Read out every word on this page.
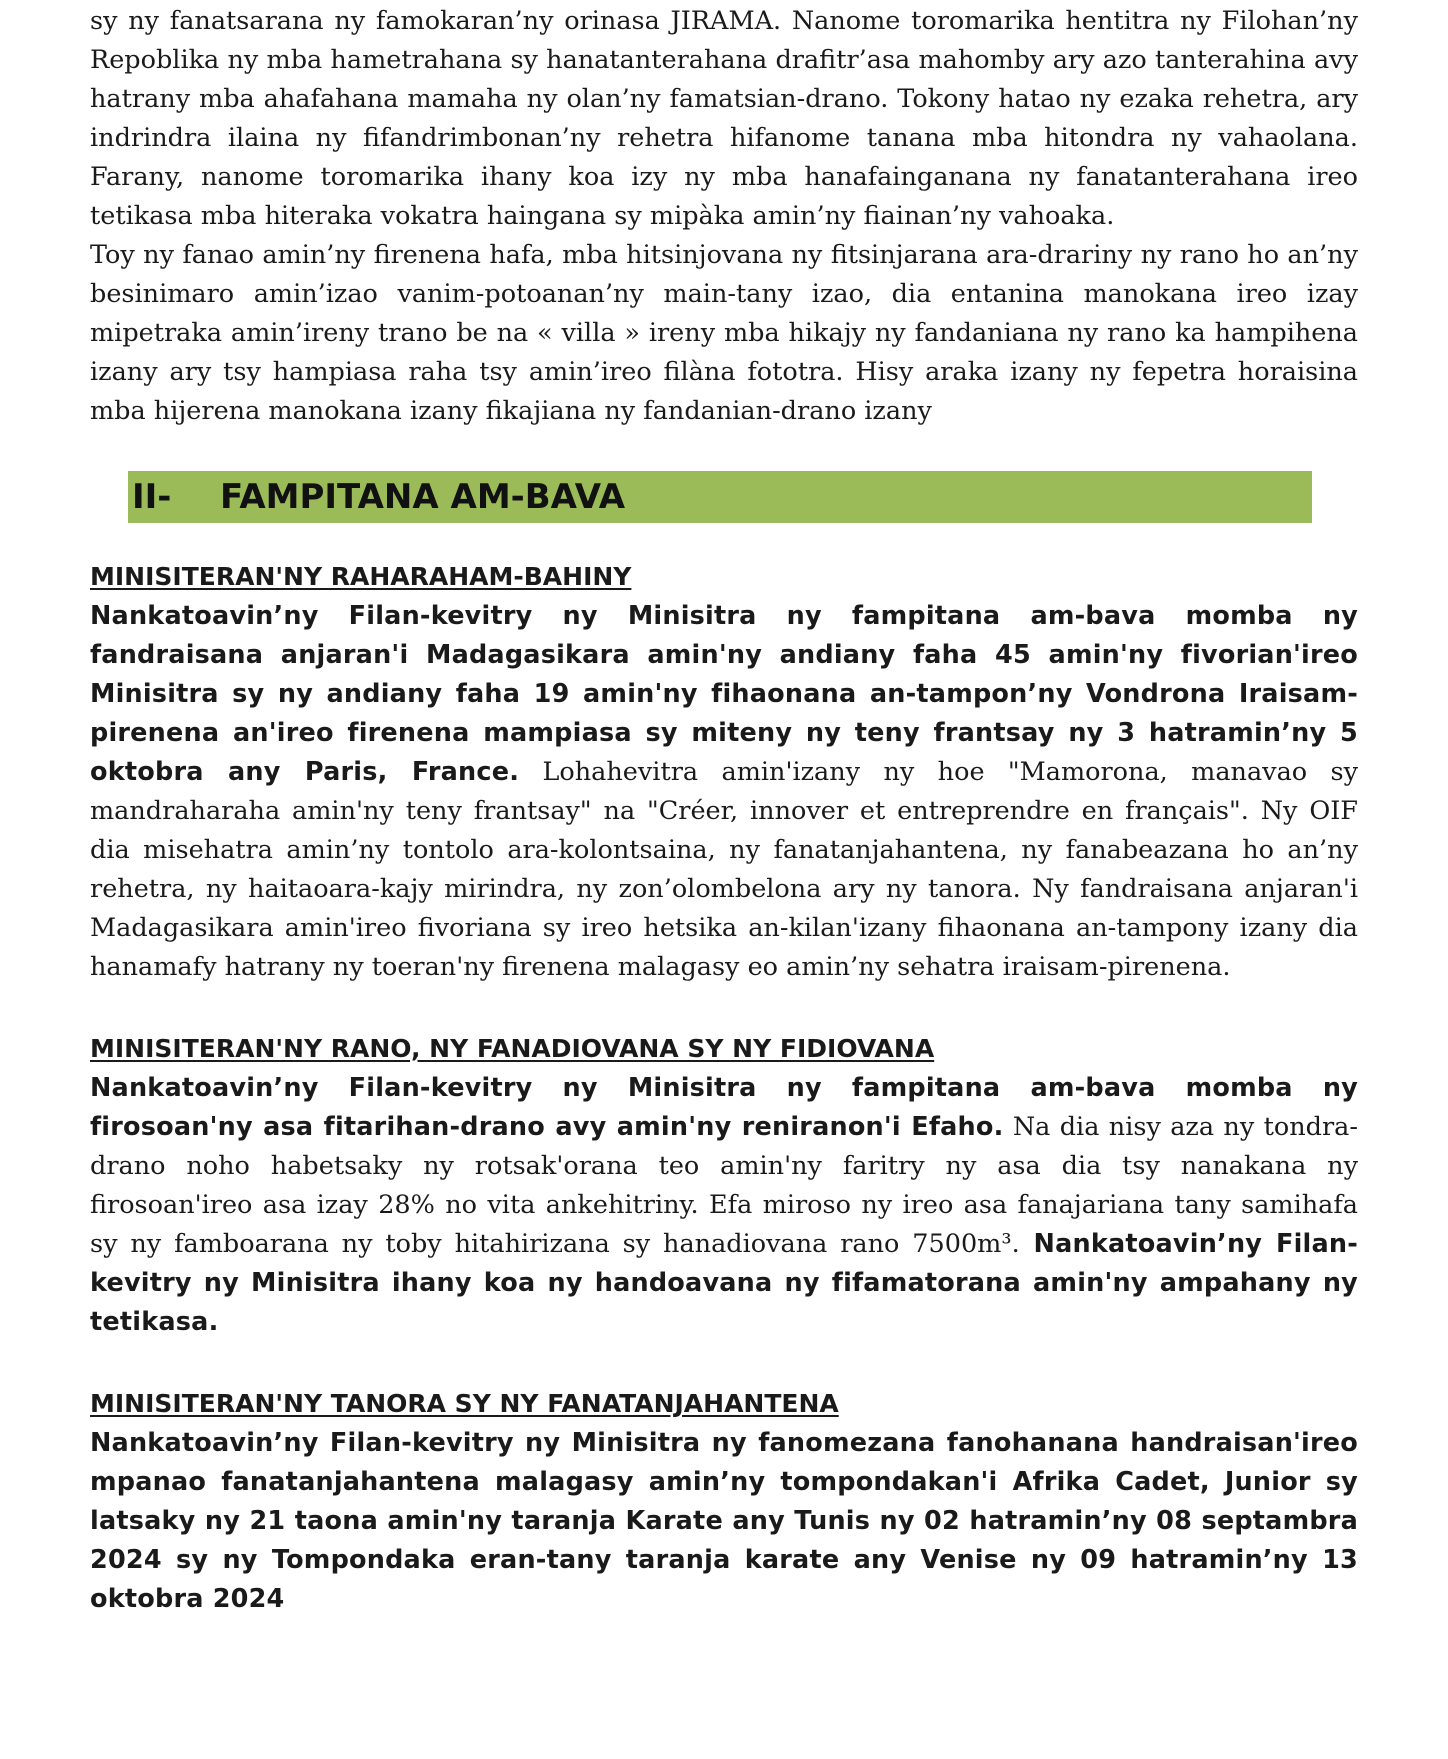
sy ny fanatsarana ny famokaran’ny orinasa JIRAMA. Nanome toromarika hentitra ny Filohan’ny Repoblika ny mba hametrahana sy hanatanterahana drafitr’asa mahomby ary azo tanterahina avy hatrany mba ahafahana mamaha ny olan’ny famatsian-drano. Tokony hatao ny ezaka rehetra, ary indrindra ilaina ny fifandrimbonan’ny rehetra hifanome tanana mba hitondra ny vahaolana. Farany, nanome toromarika ihany koa izy ny mba hanafainganana ny fanatanterahana ireo tetikasa mba hiteraka vokatra haingana sy mipàka amin’ny fiainan’ny vahoaka.

Toy ny fanao amin’ny firenena hafa, mba hitsinjovana ny fitsinjarana ara-drariny ny rano ho an’ny besinimaro amin’izao vanim-potoanan’ny main-tany izao, dia entanina manokana ireo izay mipetraka amin’ireny trano be na « villa » ireny mba hikajy ny fandaniana ny rano ka hampihena izany ary tsy hampiasa raha tsy amin’ireo filàna fototra. Hisy araka izany ny fepetra horaisina mba hijerena manokana izany fikajiana ny fandanian-drano izany

II-	FAMPITANA AM-BAVA

MINISITERAN'NY RAHARAHAM-BAHINY

Nankatoavin’ny Filan-kevitry ny Minisitra ny fampitana am-bava momba ny fandraisana anjaran'i Madagasikara amin'ny andiany faha 45 amin'ny fivorian'ireo Minisitra sy ny andiany faha 19 amin'ny fihaonana an-tampon’ny Vondrona Iraisam-pirenena an'ireo firenena mampiasa sy miteny ny teny frantsay ny 3 hatramin’ny 5 oktobra any Paris, France. Lohahevitra amin'izany ny hoe "Mamorona, manavao sy mandraharaha amin'ny teny frantsay" na "Créer, innover et entreprendre en français". Ny OIF dia misehatra amin’ny tontolo ara-kolontsaina, ny fanatanjahantena, ny fanabeazana ho an’ny rehetra, ny haitaoara-kajy mirindra, ny zon’olombelona ary ny tanora. Ny fandraisana anjaran'i Madagasikara amin'ireo fivoriana sy ireo hetsika an-kilan'izany fihaonana an-tampony izany dia hanamafy hatrany ny toeran'ny firenena malagasy eo amin’ny sehatra iraisam-pirenena.

MINISITERAN'NY RANO, NY FANADIOVANA SY NY FIDIOVANA

Nankatoavin’ny Filan-kevitry ny Minisitra ny fampitana am-bava momba ny firosoan'ny asa fitarihan-drano avy amin'ny reniranon'i Efaho. Na dia nisy aza ny tondra-drano noho habetsaky ny rotsak'orana teo amin'ny faritry ny asa dia tsy nanakana ny firosoan'ireo asa izay 28% no vita ankehitriny. Efa miroso ny ireo asa fanajariana tany samihafa sy ny famboarana ny toby hitahirizana sy hanadiovana rano 7500m³. Nankatoavin’ny Filan-kevitry ny Minisitra ihany koa ny handoavana ny fifamatorana amin'ny ampahany ny tetikasa.

MINISITERAN'NY TANORA SY NY FANATANJAHANTENA

Nankatoavin’ny Filan-kevitry ny Minisitra ny fanomezana fanohanana handraisan'ireo mpanao fanatanjahantena malagasy amin’ny tompondakan'i Afrika Cadet, Junior sy latsaky ny 21 taona amin'ny taranja Karate any Tunis ny 02 hatramin’ny 08 septambra 2024 sy ny Tompondaka eran-tany taranja karate any Venise ny 09 hatramin’ny 13 oktobra 2024
